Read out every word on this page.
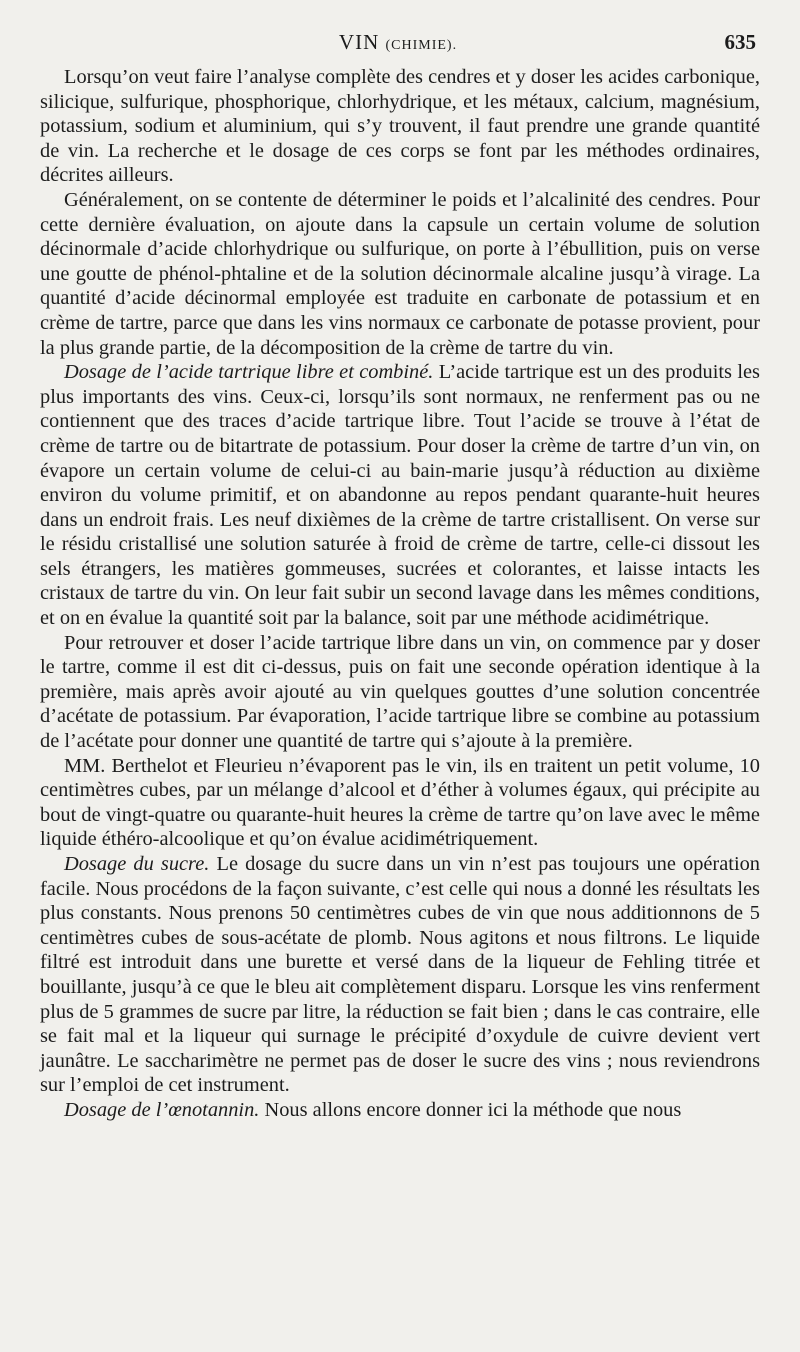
VIN (CHIMIE).	635

Lorsqu’on veut faire l’analyse complète des cendres et y doser les acides carbonique, silicique, sulfurique, phosphorique, chlorhydrique, et les métaux, calcium, magnésium, potassium, sodium et aluminium, qui s’y trouvent, il faut prendre une grande quantité de vin. La recherche et le dosage de ces corps se font par les méthodes ordinaires, décrites ailleurs.

Généralement, on se contente de déterminer le poids et l’alcalinité des cendres. Pour cette dernière évaluation, on ajoute dans la capsule un certain volume de solution décinormale d’acide chlorhydrique ou sulfurique, on porte à l’ébullition, puis on verse une goutte de phénol-phtaline et de la solution décinormale alcaline jusqu’à virage. La quantité d’acide décinormal employée est traduite en carbonate de potassium et en crème de tartre, parce que dans les vins normaux ce carbonate de potasse provient, pour la plus grande partie, de la décomposition de la crème de tartre du vin.

Dosage de l’acide tartrique libre et combiné. L’acide tartrique est un des produits les plus importants des vins. Ceux-ci, lorsqu’ils sont normaux, ne renferment pas ou ne contiennent que des traces d’acide tartrique libre. Tout l’acide se trouve à l’état de crème de tartre ou de bitartrate de potassium. Pour doser la crème de tartre d’un vin, on évapore un certain volume de celui-ci au bain-marie jusqu’à réduction au dixième environ du volume primitif, et on abandonne au repos pendant quarante-huit heures dans un endroit frais. Les neuf dixièmes de la crème de tartre cristallisent. On verse sur le résidu cristallisé une solution saturée à froid de crème de tartre, celle-ci dissout les sels étrangers, les matières gommeuses, sucrées et colorantes, et laisse intacts les cristaux de tartre du vin. On leur fait subir un second lavage dans les mêmes conditions, et on en évalue la quantité soit par la balance, soit par une méthode acidimétrique.

Pour retrouver et doser l’acide tartrique libre dans un vin, on commence par y doser le tartre, comme il est dit ci-dessus, puis on fait une seconde opération identique à la première, mais après avoir ajouté au vin quelques gouttes d’une solution concentrée d’acétate de potassium. Par évaporation, l’acide tartrique libre se combine au potassium de l’acétate pour donner une quantité de tartre qui s’ajoute à la première.

MM. Berthelot et Fleurieu n’évaporent pas le vin, ils en traitent un petit volume, 10 centimètres cubes, par un mélange d’alcool et d’éther à volumes égaux, qui précipite au bout de vingt-quatre ou quarante-huit heures la crème de tartre qu’on lave avec le même liquide éthéro-alcoolique et qu’on évalue acidimétriquement.

Dosage du sucre. Le dosage du sucre dans un vin n’est pas toujours une opération facile. Nous procédons de la façon suivante, c’est celle qui nous a donné les résultats les plus constants. Nous prenons 50 centimètres cubes de vin que nous additionnons de 5 centimètres cubes de sous-acétate de plomb. Nous agitons et nous filtrons. Le liquide filtré est introduit dans une burette et versé dans de la liqueur de Fehling titrée et bouillante, jusqu’à ce que le bleu ait complètement disparu. Lorsque les vins renferment plus de 5 grammes de sucre par litre, la réduction se fait bien ; dans le cas contraire, elle se fait mal et la liqueur qui surnage le précipité d’oxydule de cuivre devient vert jaunâtre. Le saccharimètre ne permet pas de doser le sucre des vins ; nous reviendrons sur l’emploi de cet instrument.

Dosage de l’œnotannin. Nous allons encore donner ici la méthode que nous
